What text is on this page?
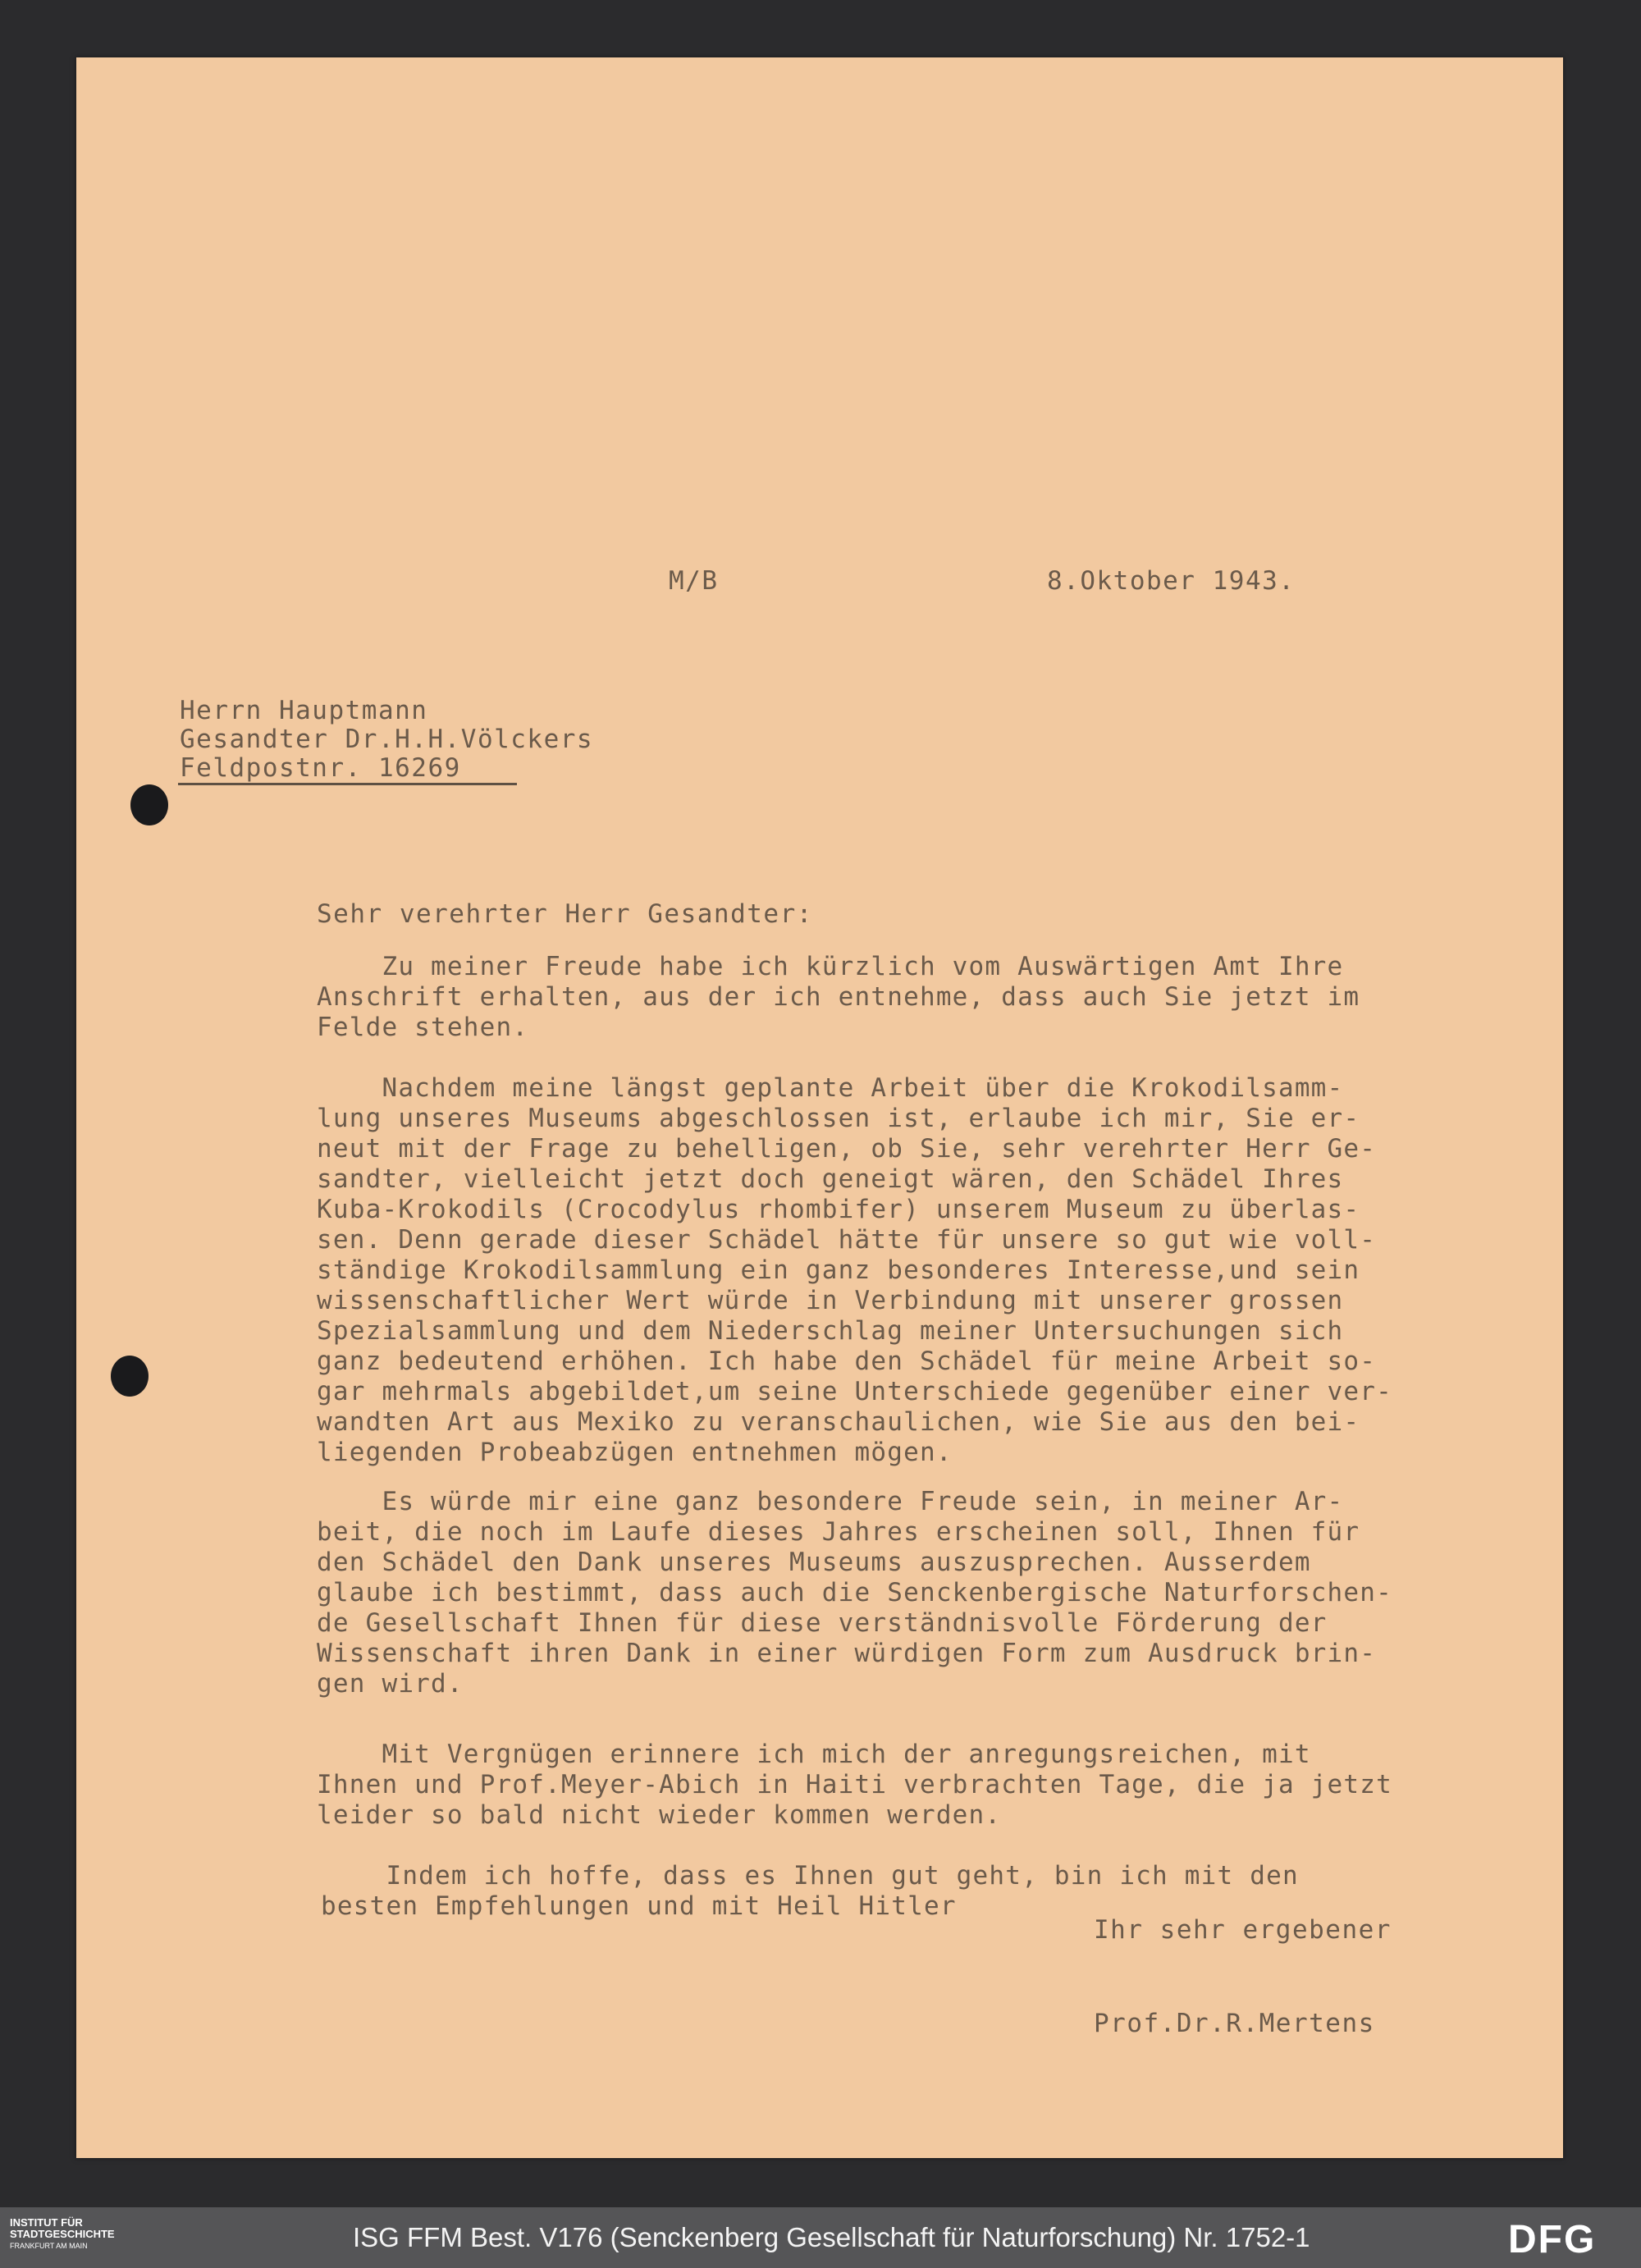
M/B	8.Oktober 1943.
Herrn Hauptmann
Gesandter Dr.H.H.Völckers
Feldpostnr. 16269
Sehr verehrter Herr Gesandter:
Zu meiner Freude habe ich kürzlich vom Auswärtigen Amt Ihre
Anschrift erhalten, aus der ich entnehme, dass auch Sie jetzt im
Felde stehen.
Nachdem meine längst geplante Arbeit über die Krokodilsamm-
lung unseres Museums abgeschlossen ist, erlaube ich mir, Sie er-
neut mit der Frage zu behelligen, ob Sie, sehr verehrter Herr Ge-
sandter, vielleicht jetzt doch geneigt wären, den Schädel Ihres
Kuba-Krokodils (Crocodylus rhombifer) unserem Museum zu überlas-
sen. Denn gerade dieser Schädel hätte für unsere so gut wie voll-
ständige Krokodilsammlung ein ganz besonderes Interesse,und sein
wissenschaftlicher Wert würde in Verbindung mit unserer grossen
Spezialsammlung und dem Niederschlag meiner Untersuchungen sich
ganz bedeutend erhöhen. Ich habe den Schädel für meine Arbeit so-
gar mehrmals abgebildet,um seine Unterschiede gegenüber einer ver-
wandten Art aus Mexiko zu veranschaulichen, wie Sie aus den bei-
liegenden Probeabzügen entnehmen mögen.
Es würde mir eine ganz besondere Freude sein, in meiner Ar-
beit, die noch im Laufe dieses Jahres erscheinen soll, Ihnen für
den Schädel den Dank unseres Museums auszusprechen. Ausserdem
glaube ich bestimmt, dass auch die Senckenbergische Naturforschen-
de Gesellschaft Ihnen für diese verständnisvolle Förderung der
Wissenschaft ihren Dank in einer würdigen Form zum Ausdruck brin-
gen wird.
Mit Vergnügen erinnere ich mich der anregungsreichen, mit
Ihnen und Prof.Meyer-Abich in Haiti verbrachten Tage, die ja jetzt
leider so bald nicht wieder kommen werden.
Indem ich hoffe, dass es Ihnen gut geht, bin ich mit den
besten Empfehlungen und mit Heil Hitler
Ihr sehr ergebener
Prof.Dr.R.Mertens
INSTITUT FÜR
STADTGESCHICHTE
FRANKFURT AM MAIN	ISG FFM Best. V176 (Senckenberg Gesellschaft für Naturforschung) Nr. 1752-1	DFG
